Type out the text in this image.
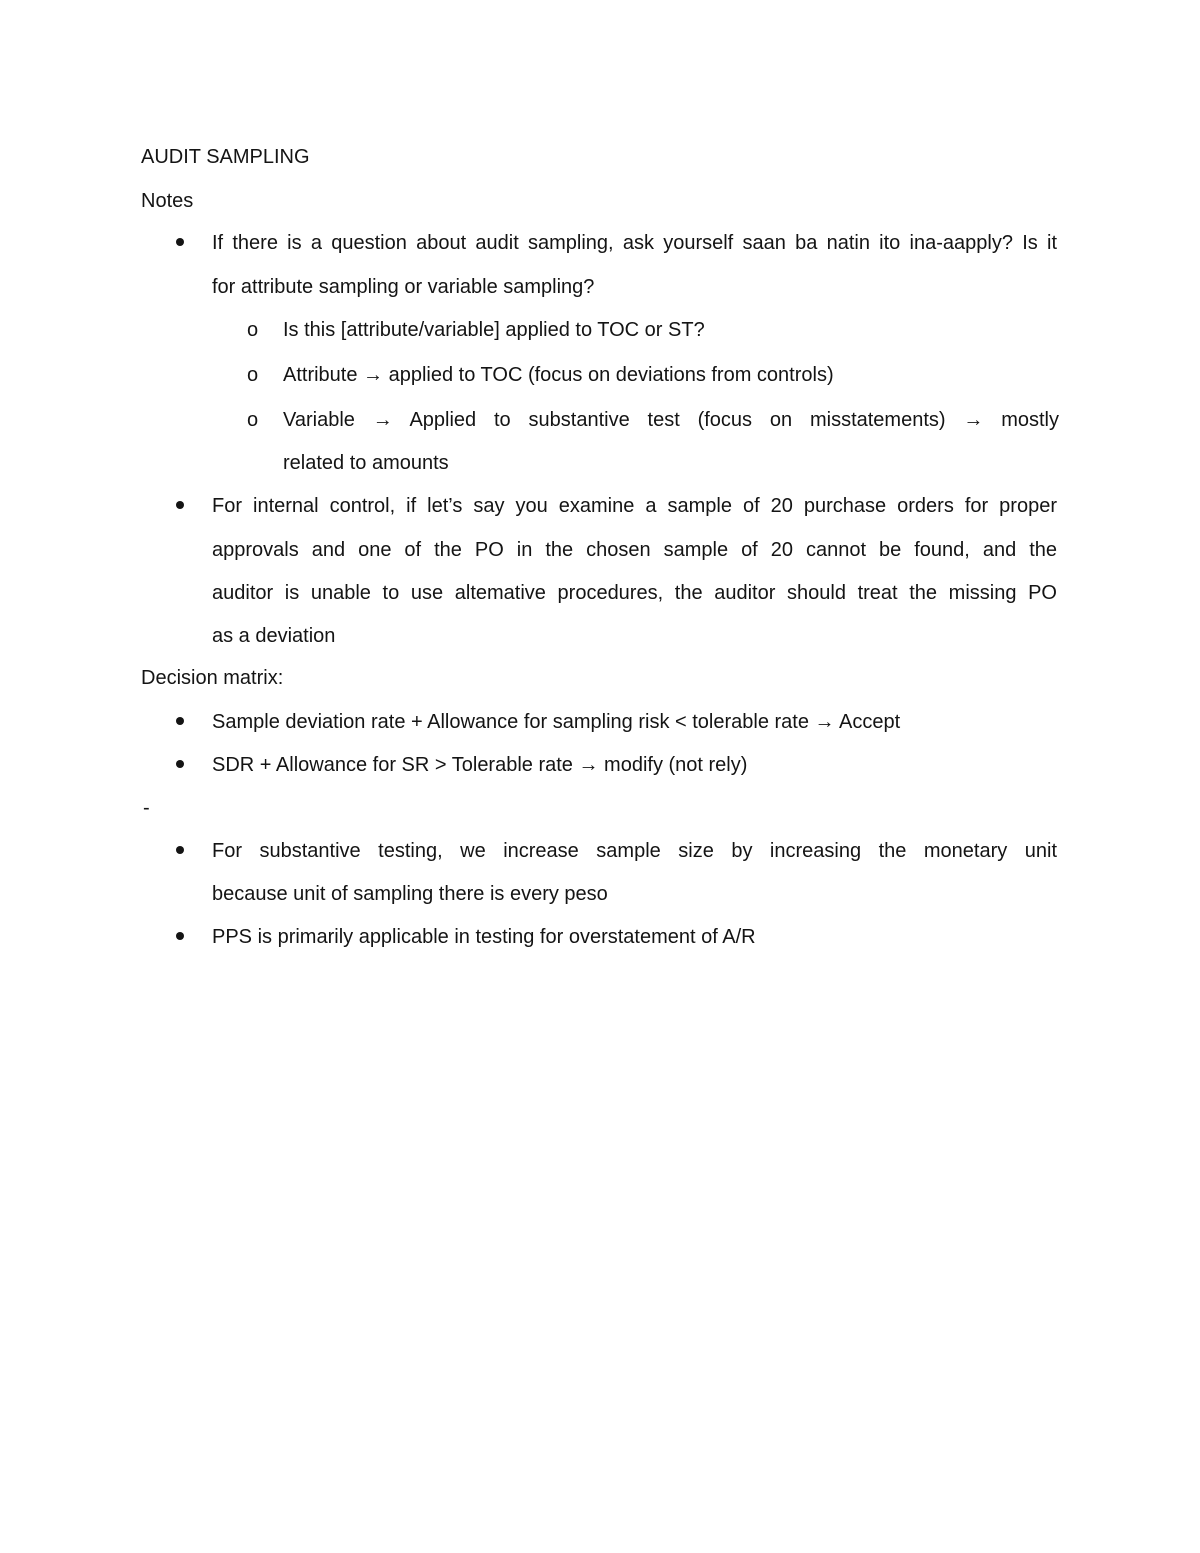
AUDIT SAMPLING
Notes
If there is a question about audit sampling, ask yourself saan ba natin ito ina-aapply? Is it
for attribute sampling or variable sampling?
o Is this [attribute/variable] applied to TOC or ST?
o Attribute → applied to TOC (focus on deviations from controls)
o Variable → Applied to substantive test (focus on misstatements) → mostly
related to amounts
For internal control, if let’s say you examine a sample of 20 purchase orders for proper
approvals and one of the PO in the chosen sample of 20 cannot be found, and the
auditor is unable to use altemative procedures, the auditor should treat the missing PO
as a deviation
Decision matrix:
Sample deviation rate + Allowance for sampling risk < tolerable rate → Accept
SDR + Allowance for SR > Tolerable rate → modify (not rely)
-
For substantive testing, we increase sample size by increasing the monetary unit
because unit of sampling there is every peso
PPS is primarily applicable in testing for overstatement of A/R
